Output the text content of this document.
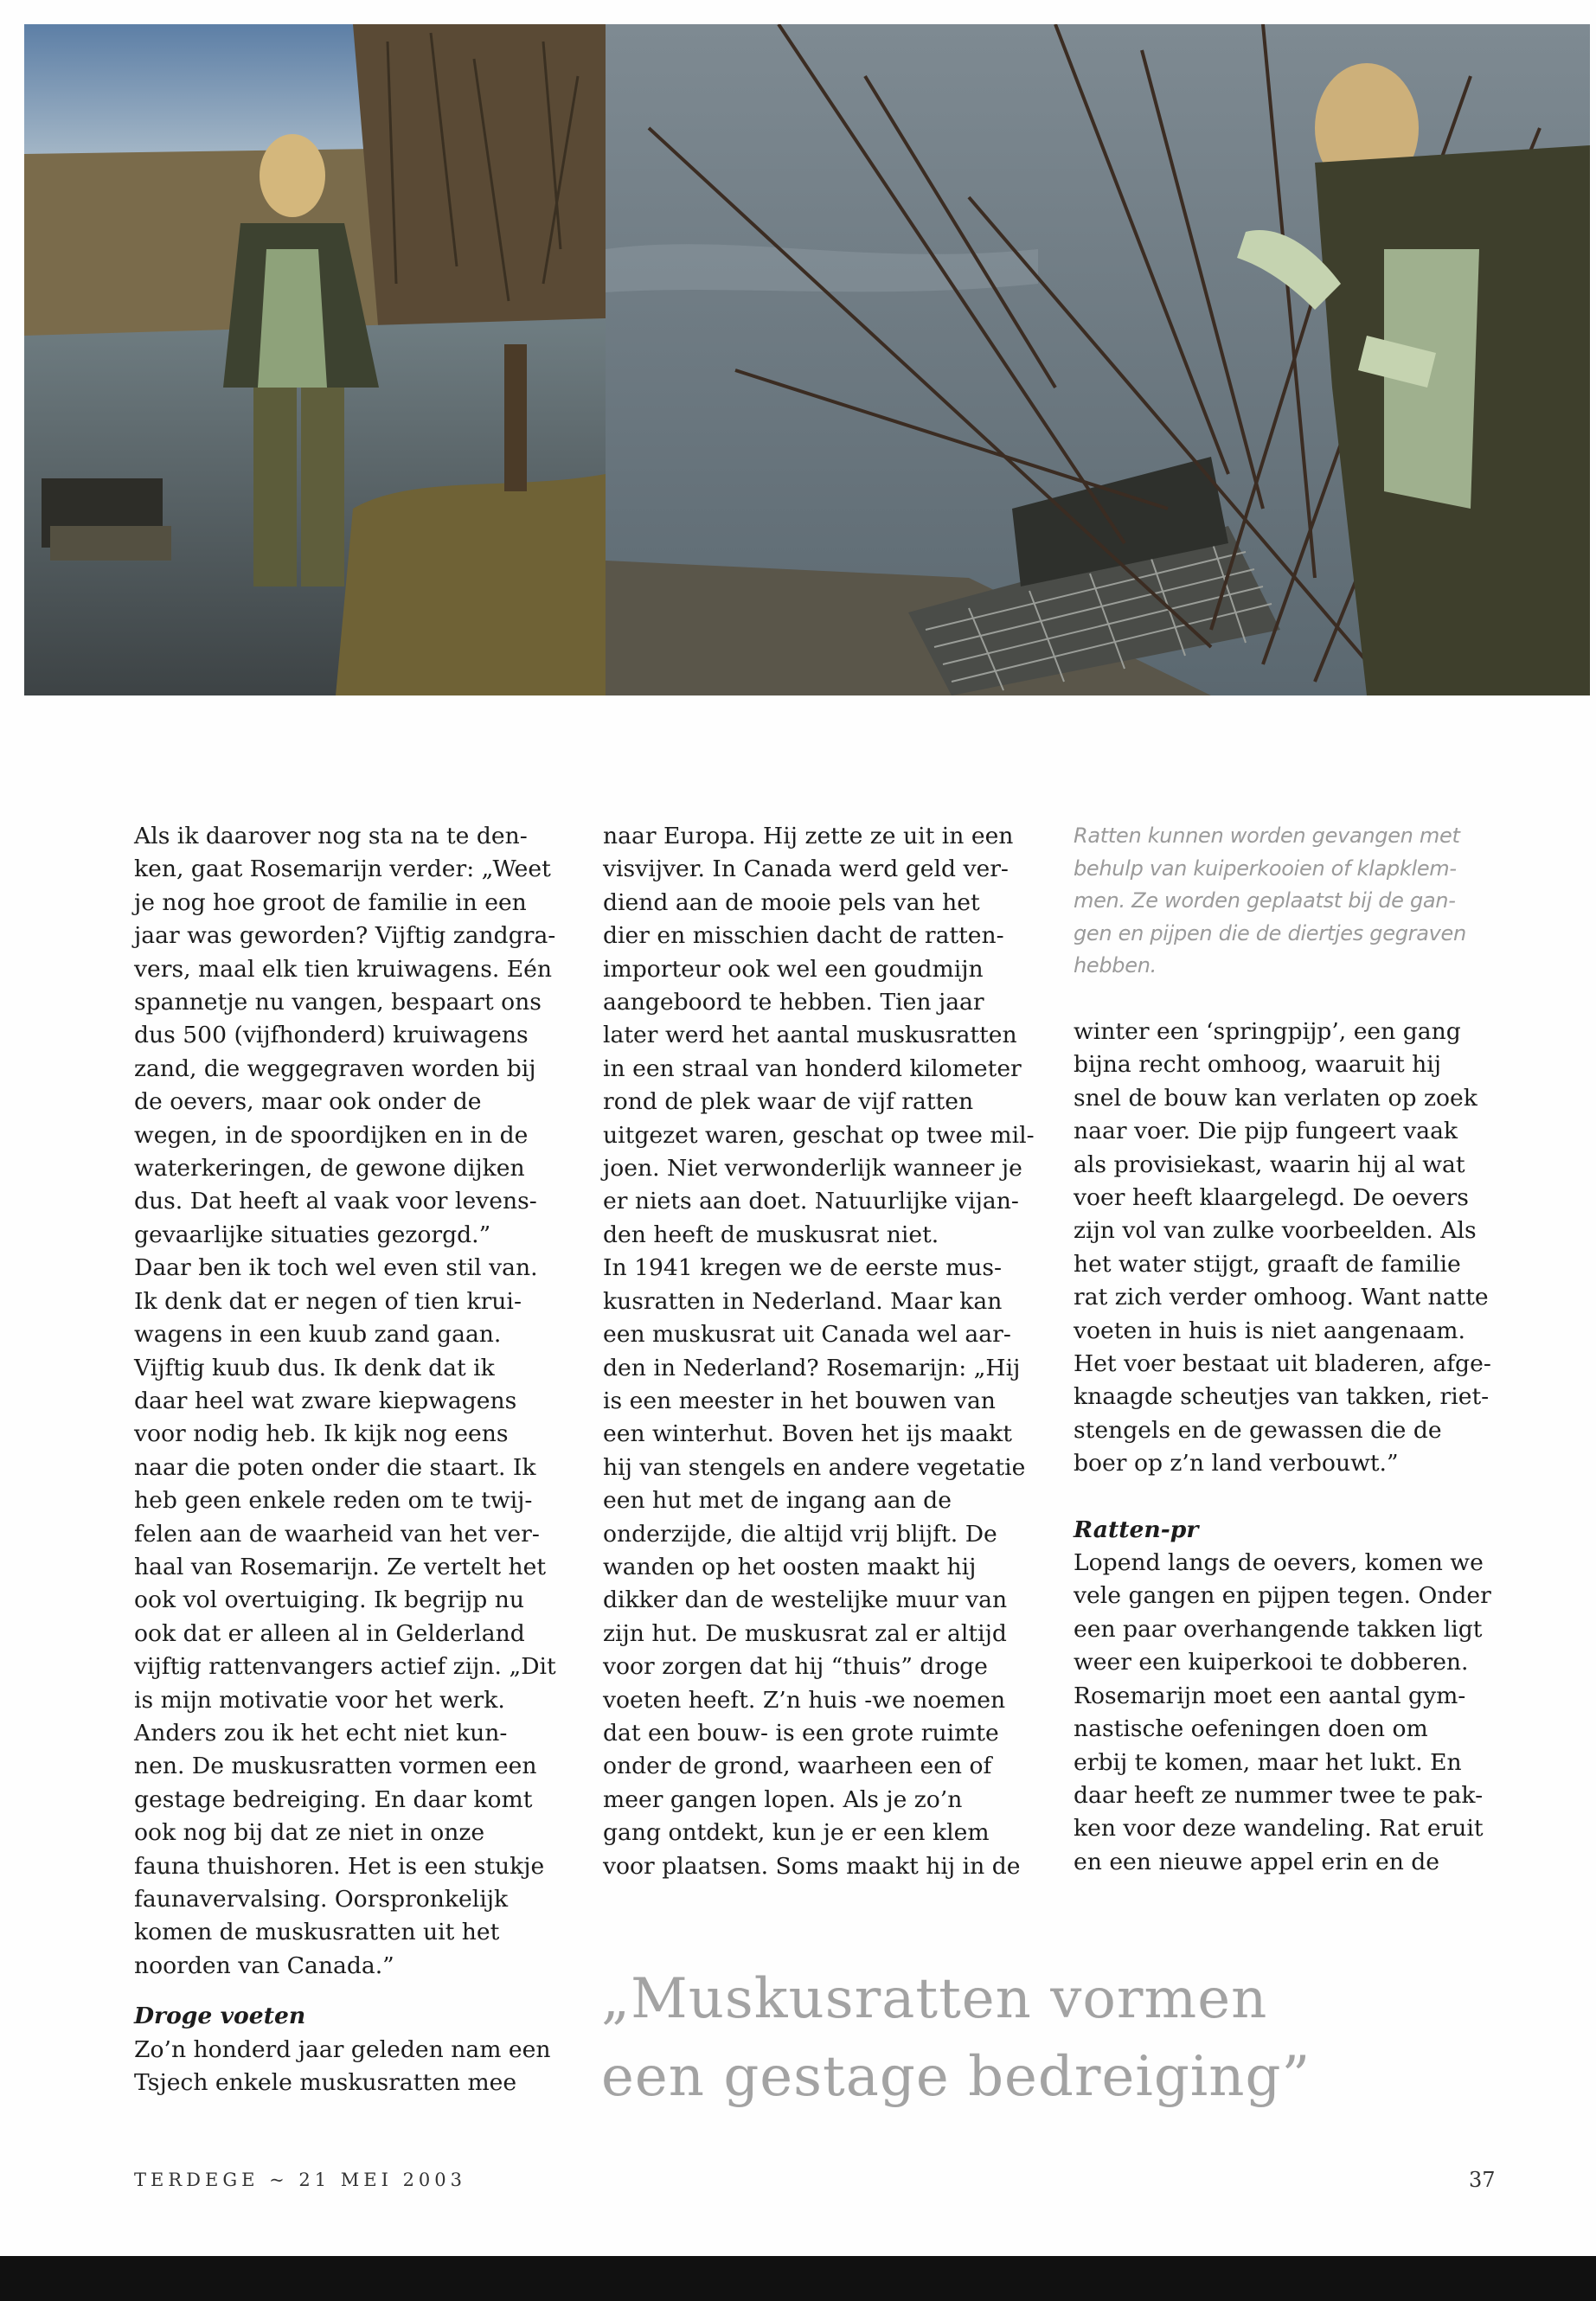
Als ik daarover nog sta na te den-
ken, gaat Rosemarijn verder: „Weet
je nog hoe groot de familie in een
jaar was geworden? Vijftig zandgra-
vers, maal elk tien kruiwagens. Eén
spannetje nu vangen, bespaart ons
dus 500 (vijfhonderd) kruiwagens
zand, die weggegraven worden bij
de oevers, maar ook onder de
wegen, in de spoordijken en in de
waterkeringen, de gewone dijken
dus. Dat heeft al vaak voor levens-
gevaarlijke situaties gezorgd.”
Daar ben ik toch wel even stil van.
Ik denk dat er negen of tien krui-
wagens in een kuub zand gaan.
Vijftig kuub dus. Ik denk dat ik
daar heel wat zware kiepwagens
voor nodig heb. Ik kijk nog eens
naar die poten onder die staart. Ik
heb geen enkele reden om te twij-
felen aan de waarheid van het ver-
haal van Rosemarijn. Ze vertelt het
ook vol overtuiging. Ik begrijp nu
ook dat er alleen al in Gelderland
vijftig rattenvangers actief zijn. „Dit
is mijn motivatie voor het werk.
Anders zou ik het echt niet kun-
nen. De muskusratten vormen een
gestage bedreiging. En daar komt
ook nog bij dat ze niet in onze
fauna thuishoren. Het is een stukje
faunavervalsing. Oorspronkelijk
komen de muskusratten uit het
noorden van Canada.”

Droge voeten

Zo’n honderd jaar geleden nam een
Tsjech enkele muskusratten mee

naar Europa. Hij zette ze uit in een
visvijver. In Canada werd geld ver-
diend aan de mooie pels van het
dier en misschien dacht de ratten-
importeur ook wel een goudmijn
aangeboord te hebben. Tien jaar
later werd het aantal muskusratten
in een straal van honderd kilometer
rond de plek waar de vijf ratten
uitgezet waren, geschat op twee mil-
joen. Niet verwonderlijk wanneer je
er niets aan doet. Natuurlijke vijan-
den heeft de muskusrat niet.
In 1941 kregen we de eerste mus-
kusratten in Nederland. Maar kan
een muskusrat uit Canada wel aar-
den in Nederland? Rosemarijn: „Hij
is een meester in het bouwen van
een winterhut. Boven het ijs maakt
hij van stengels en andere vegetatie
een hut met de ingang aan de
onderzijde, die altijd vrij blijft. De
wanden op het oosten maakt hij
dikker dan de westelijke muur van
zijn hut. De muskusrat zal er altijd
voor zorgen dat hij “thuis” droge
voeten heeft. Z’n huis -we noemen
dat een bouw- is een grote ruimte
onder de grond, waarheen een of
meer gangen lopen. Als je zo’n
gang ontdekt, kun je er een klem
voor plaatsen. Soms maakt hij in de

Ratten kunnen worden gevangen met
behulp van kuiperkooien of klapklem-
men. Ze worden geplaatst bij de gan-
gen en pijpen die de diertjes gegraven
hebben.

winter een ‘springpijp’, een gang
bijna recht omhoog, waaruit hij
snel de bouw kan verlaten op zoek
naar voer. Die pijp fungeert vaak
als provisiekast, waarin hij al wat
voer heeft klaargelegd. De oevers
zijn vol van zulke voorbeelden. Als
het water stijgt, graaft de familie
rat zich verder omhoog. Want natte
voeten in huis is niet aangenaam.
Het voer bestaat uit bladeren, afge-
knaagde scheutjes van takken, riet-
stengels en de gewassen die de
boer op z’n land verbouwt.”

Ratten-pr

Lopend langs de oevers, komen we
vele gangen en pijpen tegen. Onder
een paar overhangende takken ligt
weer een kuiperkooi te dobberen.
Rosemarijn moet een aantal gym-
nastische oefeningen doen om
erbij te komen, maar het lukt. En
daar heeft ze nummer twee te pak-
ken voor deze wandeling. Rat eruit
en een nieuwe appel erin en de

„Muskusratten vormen
een gestage bedreiging”
TERDEGE ~ 21 MEI 2003	37
